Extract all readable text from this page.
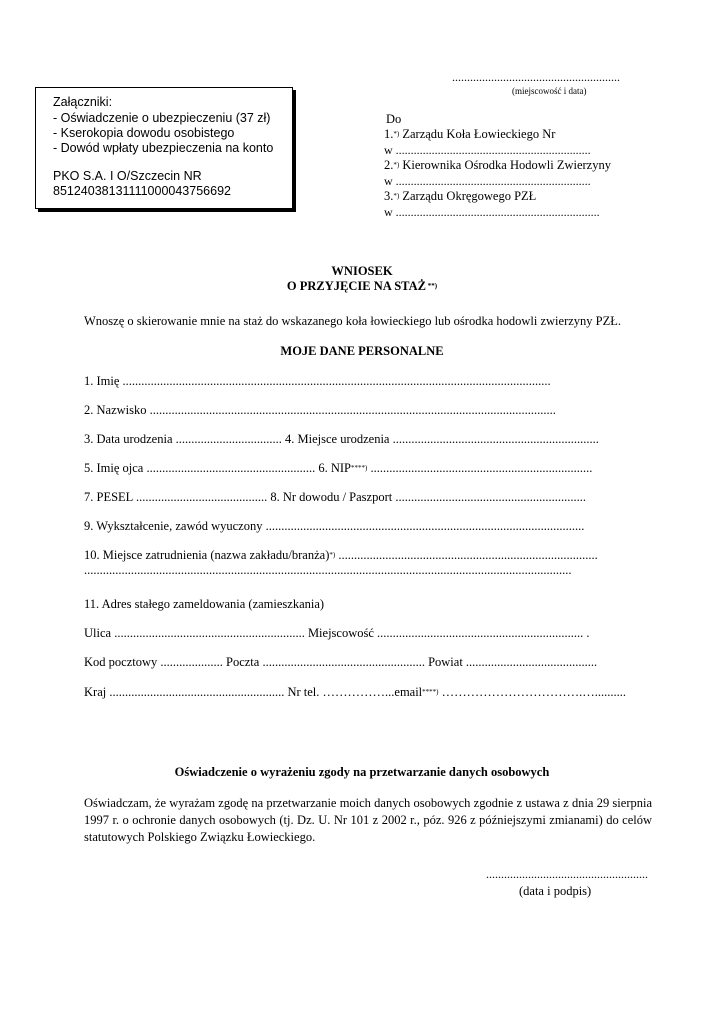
........................................................
(miejscowość i data)
Załączniki:
- Oświadczenie o ubezpieczeniu (37 zł)
- Kserokopia dowodu osobistego
- Dowód wpłaty ubezpieczenia na konto
PKO S.A. I O/Szczecin NR
85124038131111000043756692
Do
1.*) Zarządu Koła Łowieckiego Nr
w .................................................................
2.*) Kierownika Ośrodka Hodowli Zwierzyny
w .................................................................
3.*) Zarządu Okręgowego PZŁ
w ....................................................................
WNIOSEK
O PRZYJĘCIE NA STAŻ **)
Wnoszę o skierowanie mnie na staż do wskazanego koła łowieckiego lub ośrodka hodowli zwierzyny PZŁ.
MOJE DANE PERSONALNE
1. Imię .........................................................................................................................................
2. Nazwisko ..................................................................................................................................
3. Data urodzenia .................................. 4. Miejsce urodzenia ..................................................................
5. Imię ojca ...................................................... 6. NIP****) .......................................................................
7. PESEL .......................................... 8. Nr dowodu / Paszport .............................................................
9. Wykształcenie, zawód wyuczony ......................................................................................................
10. Miejsce zatrudnienia (nazwa zakładu/branża)*) ...................................................................................
............................................................................................................................................................
11. Adres stałego zameldowania (zamieszkania)
Ulica ............................................................. Miejscowość .................................................................. .
Kod pocztowy .................... Poczta .................................................... Powiat ..........................................
Kraj ........................................................ Nr tel. ……………...email****) …………………………….…..........
Oświadczenie o wyrażeniu zgody na przetwarzanie danych osobowych
Oświadczam, że wyrażam zgodę na przetwarzanie moich danych osobowych zgodnie z ustawa z dnia 29 sierpnia 1997 r. o ochronie danych osobowych (tj. Dz. U. Nr 101 z 2002 r., póz. 926 z późniejszymi zmianami) do celów statutowych Polskiego Związku Łowieckiego.
......................................................
(data i podpis)
